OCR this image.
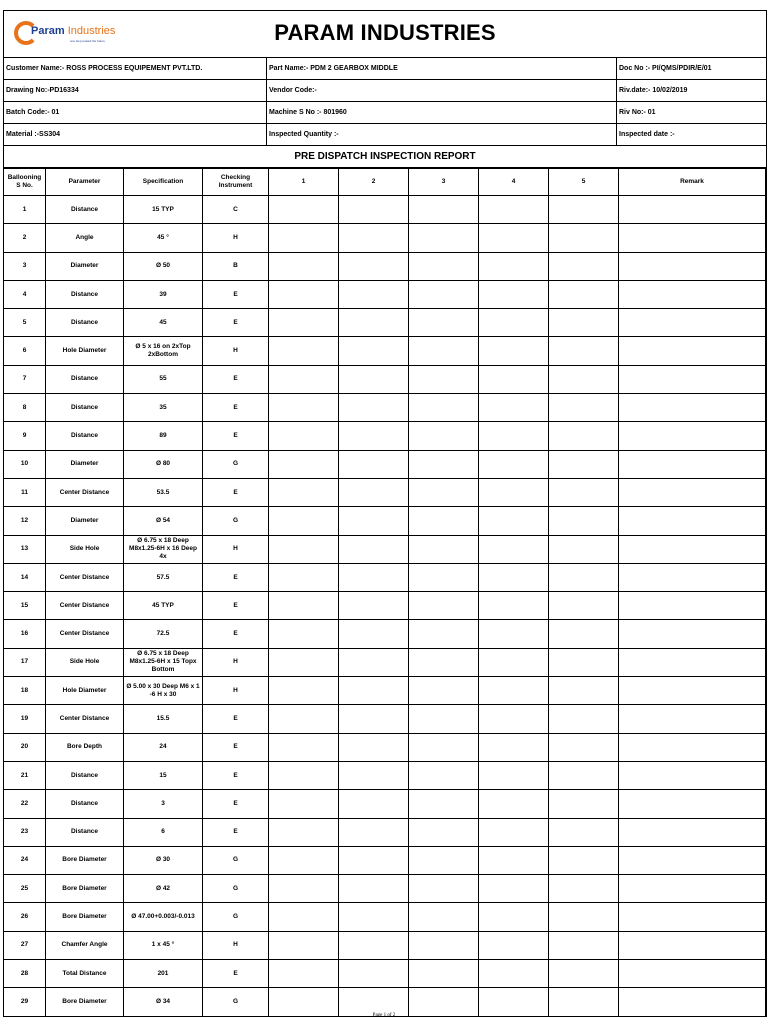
Param Industries
one step toward the future	PARAM INDUSTRIES
Customer Name:- ROSS PROCESS EQUIPEMENT PVT.LTD.	Part Name:- PDM 2 GEARBOX MIDDLE	Doc No :- PI/QMS/PDIR/E/01
Drawing No:-PD16334	Vendor Code:-	Riv.date:- 10/02/2019
Batch Code:- 01	Machine S No :- 801960	Riv No:- 01
Material :-SS304	Inspected Quantity :-	Inspected date :-
PRE DISPATCH INSPECTION REPORT
Ballooning S No.	Parameter	Specification	Checking Instrument	1	2	3	4	5	Remark
1	Distance	15 TYP	C						
2	Angle	45 °	H						
3	Diameter	Ø 50	B						
4	Distance	39	E						
5	Distance	45	E						
6	Hole Diameter	Ø 5 x 16 on 2xTop 2xBottom	H						
7	Distance	55	E						
8	Distance	35	E						
9	Distance	89	E						
10	Diameter	Ø 80	G						
11	Center Distance	53.5	E						
12	Diameter	Ø 54	G						
13	Side Hole	Ø 6.75 x 18 Deep M8x1.25-6H x 16 Deep 4x	H						
14	Center Distance	57.5	E						
15	Center Distance	45 TYP	E						
16	Center Distance	72.5	E						
17	Side Hole	Ø 6.75 x 18 Deep M8x1.25-6H x 15 Topx Bottom	H						
18	Hole Diameter	Ø 5.00 x 30 Deep M6 x 1 -6 H x 30	H						
19	Center Distance	15.5	E						
20	Bore Depth	24	E						
21	Distance	15	E						
22	Distance	3	E						
23	Distance	6	E						
24	Bore Diameter	Ø 30	G						
25	Bore Diameter	Ø 42	G						
26	Bore Diameter	Ø 47.00+0.003/-0.013	G						
27	Chamfer Angle	1 x 45 °	H						
28	Total Distance	201	E						
29	Bore Diameter	Ø 34	G						
Page 1 of 2
